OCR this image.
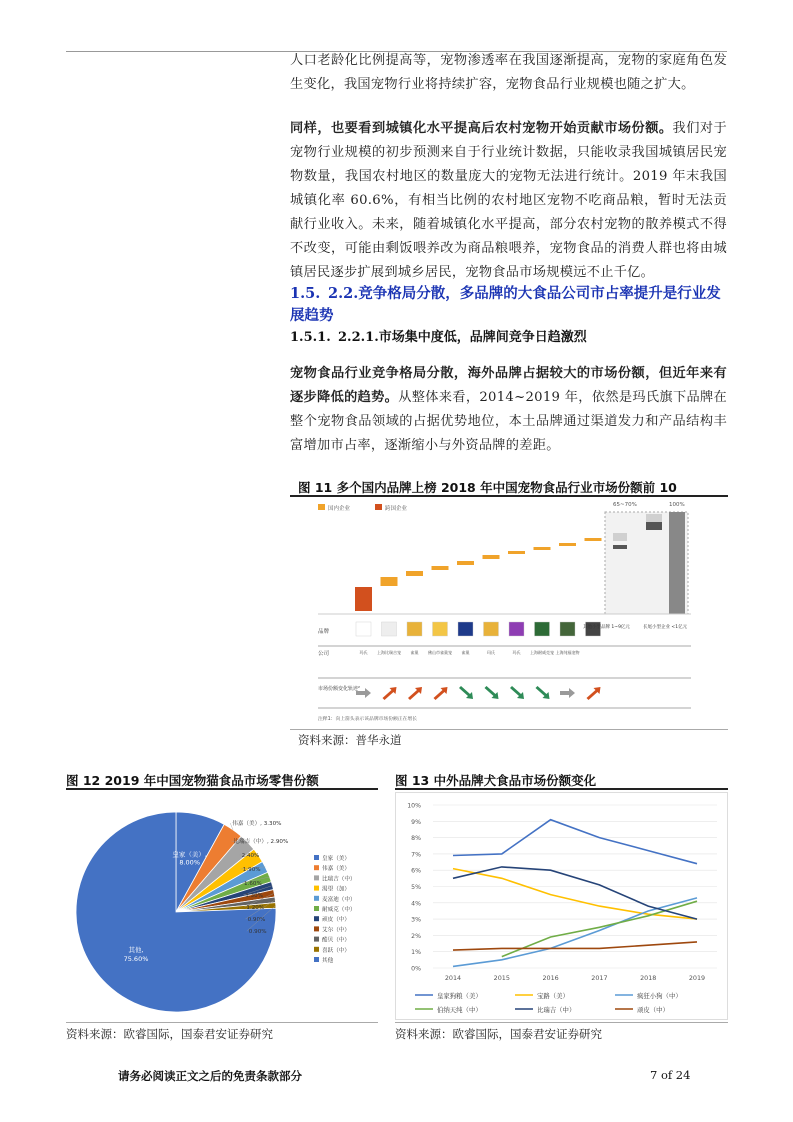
人口老龄化比例提高等，宠物渗透率在我国逐渐提高，宠物的家庭角色发生变化，我国宠物行业将持续扩容，宠物食品行业规模也随之扩大。

同样，也要看到城镇化水平提高后农村宠物开始贡献市场份额。我们对于宠物行业规模的初步预测来自于行业统计数据，只能收录我国城镇居民宠物数量，我国农村地区的数量庞大的宠物无法进行统计。2019 年末我国城镇化率 60.6%，有相当比例的农村地区宠物不吃商品粮，暂时无法贡献行业收入。未来，随着城镇化水平提高，部分农村宠物的散养模式不得不改变，可能由剩饭喂养改为商品粮喂养，宠物食品的消费人群也将由城镇居民逐步扩展到城乡居民，宠物食品市场规模远不止千亿。

1.5. 2.2.竞争格局分散，多品牌的大食品公司市占率提升是行业发展趋势
1.5.1. 2.2.1.市场集中度低，品牌间竞争日趋激烈

宠物食品行业竞争格局分散，海外品牌占据较大的市场份额，但近年来有逐步降低的趋势。从整体来看，2014~2019 年，依然是玛氏旗下品牌在整个宠物食品领域的占据优势地位，本土品牌通过渠道发力和产品结构丰富增加市占率，逐渐缩小与外资品牌的差距。

图 11 多个国内品牌上榜 2018 年中国宠物食品行业市场份额前 10
国内企业	跨国企业
65~70%	100%
品牌
公司
市场份额变化轨迹²
玛氏 上海比瑞吉宠 雀巢 佛山市雀巢宠 雀巢	玛氏	玛氏 上海耐威克宠 上海纯福宠物
其他小型品牌 1~9亿元	长尾小型企业 <1亿元
注释1：向上箭头表示该品牌市场份额正在增长
资料来源：普华永道
图 12 2019 年中国宠物猫食品市场零售份额
皇家（美）,
8.00%
伟嘉（美）, 3.30%
比瑞吉（中）, 2.90%
2.40%
1.90%
1.60%
1.30%
1.20%
0.90%
0.90%
其他,
75.60%
皇家（美）
伟嘉（美）
比瑞吉（中）
渴望（加）
麦富迪（中）
耐威克（中）
顽皮（中）
艾尔（中）
酷贝（中）
喜跃（中）
其他
资料来源：欧睿国际，国泰君安证券研究
图 13 中外品牌犬食品市场份额变化
0%
1%
2%
3%
4%
5%
6%
7%
8%
9%
10%
2014	2015	2016	2017	2018	2019
皇家狗粮（美）	宝路（美）	疯狂小狗（中）
伯纳天纯（中）	比瑞吉（中）	顽皮（中）
资料来源：欧睿国际，国泰君安证券研究
请务必阅读正文之后的免责条款部分	7 of 24
